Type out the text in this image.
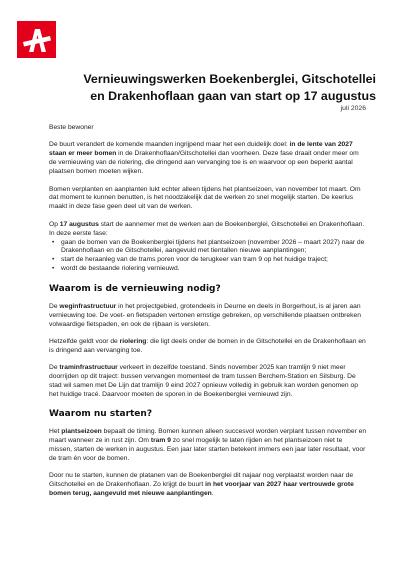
Vernieuwingswerken Boekenberglei, Gitschotellei
en Drakenhoflaan gaan van start op 17 augustus
juli 2026

Beste bewoner

De buurt verandert de komende maanden ingrijpend maar het een duidelijk doel: in de lente van 2027 staan er meer bomen in de Drakenhoflaan/Gitschotellei dan voorheen. Deze fase draait onder meer om de vernieuwing van de riolering, die dringend aan vervanging toe is en waarvoor op een beperkt aantal plaatsen bomen moeten wijken.

Bomen verplanten en aanplanten lukt echter alleen tijdens het plantseizoen, van november tot maart. Om dat moment te kunnen benutten, is het noodzakelijk dat de werken zo snel mogelijk starten. De keerlus maakt in deze fase geen deel uit van de werken.

Op 17 augustus start de aannemer met de werken aan de Boekenberglei, Gitschotellei en Drakenhoflaan. In deze eerste fase:

• gaan de bomen van de Boekenberglei tijdens het plantseizoen (november 2026 – maart 2027) naar de Drakenhoflaan en de Gitschotellei, aangevuld met tientallen nieuwe aanplantingen;
• start de heraanleg van de trams poren voor de terugkeer van tram 9 op het huidige traject;
• wordt de bestaande riolering vernieuwd.
Waarom is de vernieuwing nodig?

De weginfrastructuur in het projectgebied, grotendeels in Deurne en deels in Borgerhout, is al jaren aan vernieuwing toe. De voet- en fietspaden vertonen ernstige gebreken, op verschillende plaatsen ontbreken volwaardige fietspaden, en ook de rijbaan is versleten.

Hetzelfde geldt voor de riolering: die ligt deels onder de bomen in de Gitschotellei en de Drakenhoflaan en is dringend aan vervanging toe.

De traminfrastructuur verkeert in dezelfde toestand. Sinds november 2025 kan tramlijn 9 niet meer doorrijden op dit traject: bussen vervangen momenteel de tram tussen Berchem-Station en Silsburg. De stad wil samen met De Lijn dat tramlijn 9 eind 2027 opnieuw volledig in gebruik kan worden genomen op het huidige tracé. Daarvoor moeten de sporen in de Boekenberglei vernieuwd zijn.

Waarom nu starten?

Het plantseizoen bepaalt de timing. Bomen kunnen alleen succesvol worden verplant tussen november en maart wanneer ze in rust zijn. Om tram 9 zo snel mogelijk te laten rijden en het plantseizoen niet te missen, starten de werken in augustus. Een jaar later starten betekent immers een jaar later resultaat, voor de tram én voor de bomen.

Door nu te starten, kunnen de platanen van de Boekenberglei dit najaar nog verplaatst worden naar de Gitschotellei en de Drakenhoflaan. Zo krijgt de buurt in het voorjaar van 2027 haar vertrouwde grote bomen terug, aangevuld met nieuwe aanplantingen.
